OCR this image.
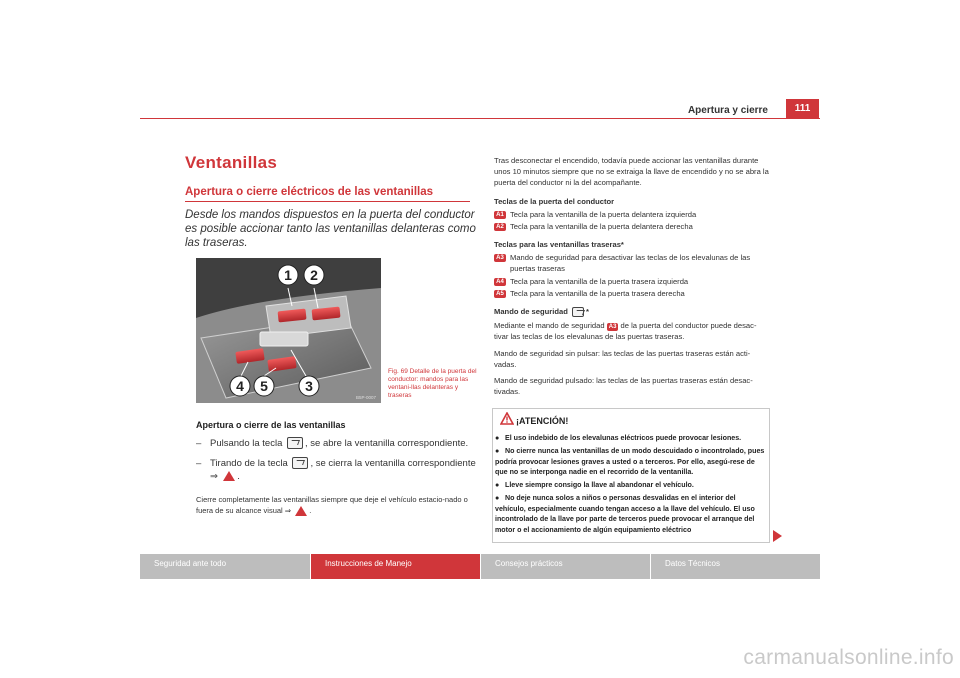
Apertura y cierre	111
Ventanillas
Apertura o cierre eléctricos de las ventanillas
Desde los mandos dispuestos en la puerta del conductor es posible accionar tanto las ventanillas delanteras como las traseras.
1 2
3
4 5
B5P-0007
Fig. 69 Detalle de la puerta del conductor: mandos para las ventani-llas delanteras y traseras
Apertura o cierre de las ventanillas
– Pulsando la tecla , se abre la ventanilla correspondiente.
– Tirando de la tecla , se cierra la ventanilla correspondiente
⇒  .
Cierre completamente las ventanillas siempre que deje el vehículo estacio-nado o fuera de su alcance visual ⇒  .
Tras desconectar el encendido, todavía puede accionar las ventanillas durante unos 10 minutos siempre que no se extraiga la llave de encendido y no se abra la puerta del conductor ni la del acompañante.
Teclas de la puerta del conductor
A1 Tecla para la ventanilla de la puerta delantera izquierda
A2 Tecla para la ventanilla de la puerta delantera derecha
Teclas para las ventanillas traseras*
A3 Mando de seguridad para desactivar las teclas de los elevalunas de las puertas traseras
A4 Tecla para la ventanilla de la puerta trasera izquierda
A5 Tecla para la ventanilla de la puerta trasera derecha
Mando de seguridad *
Mediante el mando de seguridad A3 de la puerta del conductor puede desac-tivar las teclas de los elevalunas de las puertas traseras.
Mando de seguridad sin pulsar: las teclas de las puertas traseras están acti-vadas.
Mando de seguridad pulsado: las teclas de las puertas traseras están desac-tivadas.
¡ATENCIÓN!
● El uso indebido de los elevalunas eléctricos puede provocar lesiones.
● No cierre nunca las ventanillas de un modo descuidado o incontrolado, pues podría provocar lesiones graves a usted o a terceros. Por ello, asegú-rese de que no se interponga nadie en el recorrido de la ventanilla.
● Lleve siempre consigo la llave al abandonar el vehículo.
● No deje nunca solos a niños o personas desvalidas en el interior del vehículo, especialmente cuando tengan acceso a la llave del vehículo. El uso incontrolado de la llave por parte de terceros puede provocar el arranque del motor o el accionamiento de algún equipamiento eléctrico
Seguridad ante todo	Instrucciones de Manejo	Consejos prácticos	Datos Técnicos
carmanualsonline.info
